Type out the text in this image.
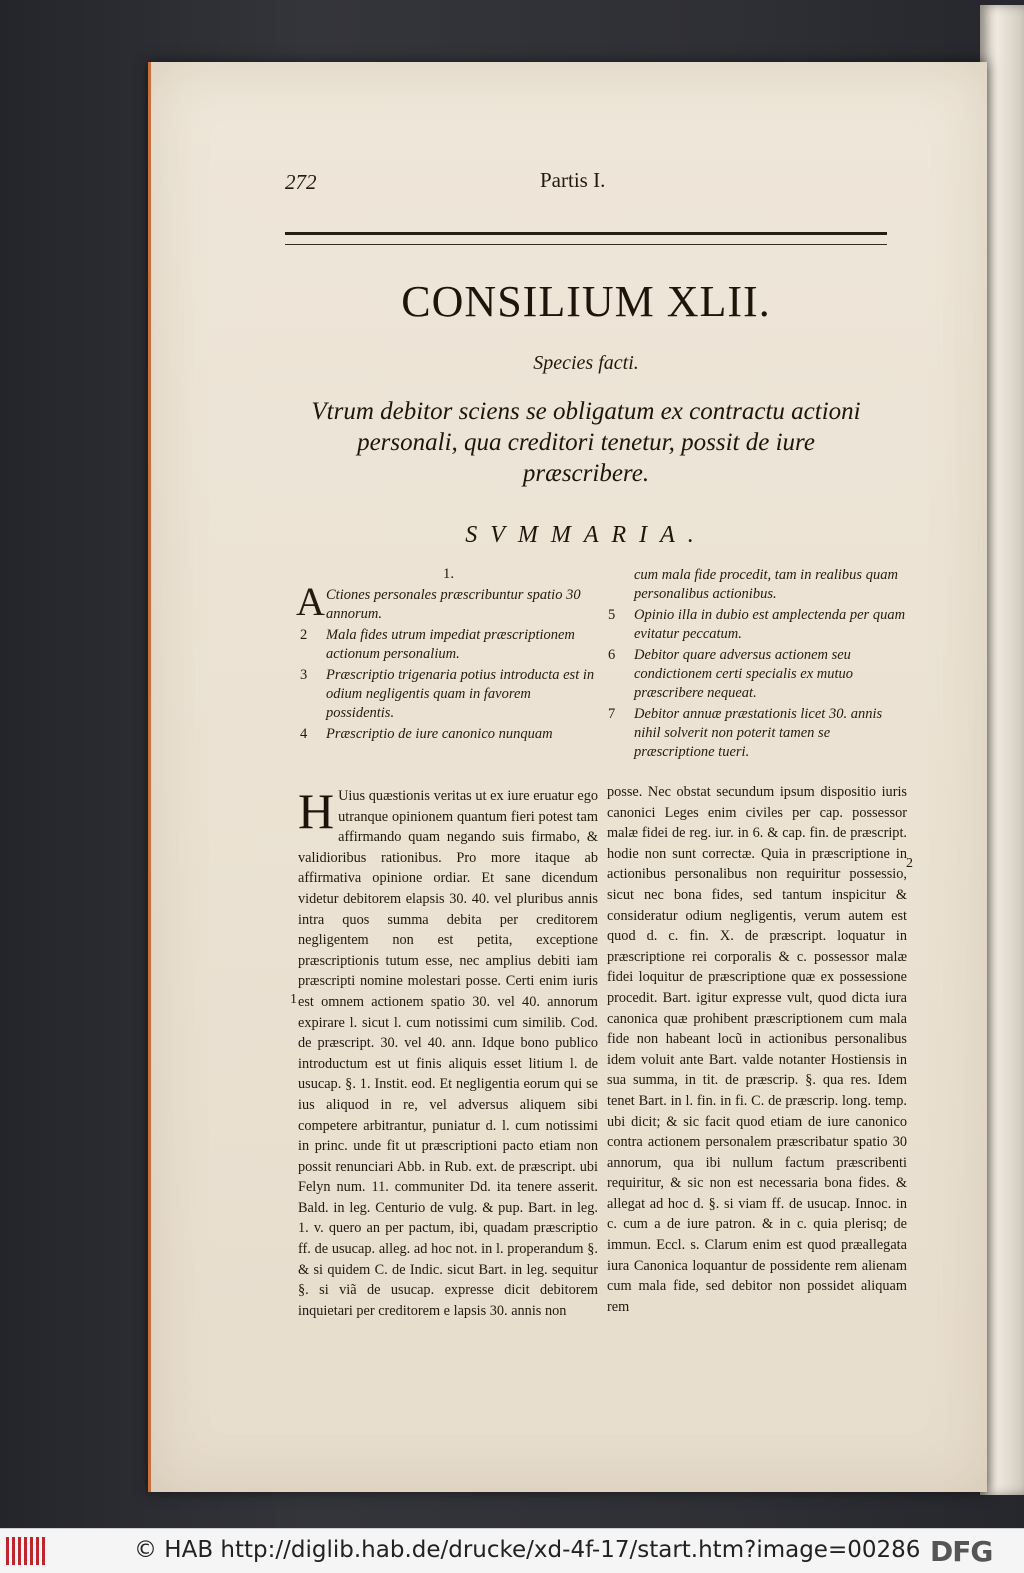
272	Partis I.
CONSILIUM XLII.
Species facti.
Vtrum debitor sciens se obligatum ex contractu actioni personali, qua creditori tenetur, possit de iure præscribere.
SVMMARIA.
1.
A Ctiones personales præscribuntur spatio 30 annorum.
2 Mala fides utrum impediat præscriptionem actionum personalium.
3 Præscriptio trigenaria potius introducta est in odium negligentis quam in favorem possidentis.
4 Præscriptio de iure canonico nunquam
cum mala fide procedit, tam in realibus quam personalibus actionibus.
5 Opinio illa in dubio est amplectenda per quam evitatur peccatum.
6 Debitor quare adversus actionem seu condictionem certi specialis ex mutuo præscribere nequeat.
7 Debitor annuæ præstationis licet 30. annis nihil solverit non poterit tamen se præscriptione tueri.
H Uius quæstionis veritas ut ex iure eruatur ego utranque opinionem quantum fieri potest tam affirmando quam negando suis firmabo, & validioribus rationibus. Pro more itaque ab affirmativa opinione ordiar. Et sane dicendum videtur debitorem elapsis 30. 40. vel pluribus annis intra quos summa debita per creditorem negligentem non est petita, exceptione præscriptionis tutum esse, nec amplius debiti iam præscripti nomine molestari posse. Certi enim iuris est omnem actionem spatio 30. vel 40. annorum expirare l. sicut l. cum notissimi cum similib. Cod. de præscript. 30. vel 40. ann. Idque bono publico introductum est ut finis aliquis esset litium l. de usucap. §. 1. Instit. eod. Et negligentia eorum qui se ius aliquod in re, vel adversus aliquem sibi competere arbitrantur, puniatur d. l. cum notissimi in princ. unde fit ut præscriptioni pacto etiam non possit renunciari Abb. in Rub. ext. de præscript. ubi Felyn num. 11. communiter Dd. ita tenere asserit. Bald. in leg. Centurio de vulg. & pup. Bart. in leg. 1. v. quero an per pactum, ibi, quadam præscriptio ff. de usucap. alleg. ad hoc not. in l. properandum §. & si quidem C. de Indic. sicut Bart. in leg. sequitur §. si viã de usucap. expresse dicit debitorem inquietari per creditorem e lapsis 30. annis non
posse. Nec obstat secundum ipsum dispositio iuris canonici Leges enim civiles per cap. possessor malæ fidei de reg. iur. in 6. & cap. fin. de præscript. hodie non sunt correctæ. Quia in præscriptione in actionibus personalibus non requiritur possessio, sicut nec bona fides, sed tantum inspicitur & consideratur odium negligentis, verum autem est quod d. c. fin. X. de præscript. loquatur in præscriptione rei corporalis & c. possessor malæ fidei loquitur de præscriptione quæ ex possessione procedit. Bart. igitur expresse vult, quod dicta iura canonica quæ prohibent præscriptionem cum mala fide non habeant locũ in actionibus personalibus idem voluit ante Bart. valde notanter Hostiensis in sua summa, in tit. de præscrip. §. qua res. Idem tenet Bart. in l. fin. in fi. C. de præscrip. long. temp. ubi dicit; & sic facit quod etiam de iure canonico contra actionem personalem præscribatur spatio 30 annorum, qua ibi nullum factum præscribenti requiritur, & sic non est necessaria bona fides. & allegat ad hoc d. §. si viam ff. de usucap. Innoc. in c. cum a de iure patron. & in c. quia plerisq; de immun. Eccl. s. Clarum enim est quod præallegata iura Canonica loquantur de possidente rem alienam cum mala fide, sed debitor non possidet aliquam rem
1
2
© HAB http://diglib.hab.de/drucke/xd-4f-17/start.htm?image=00286 DFG
